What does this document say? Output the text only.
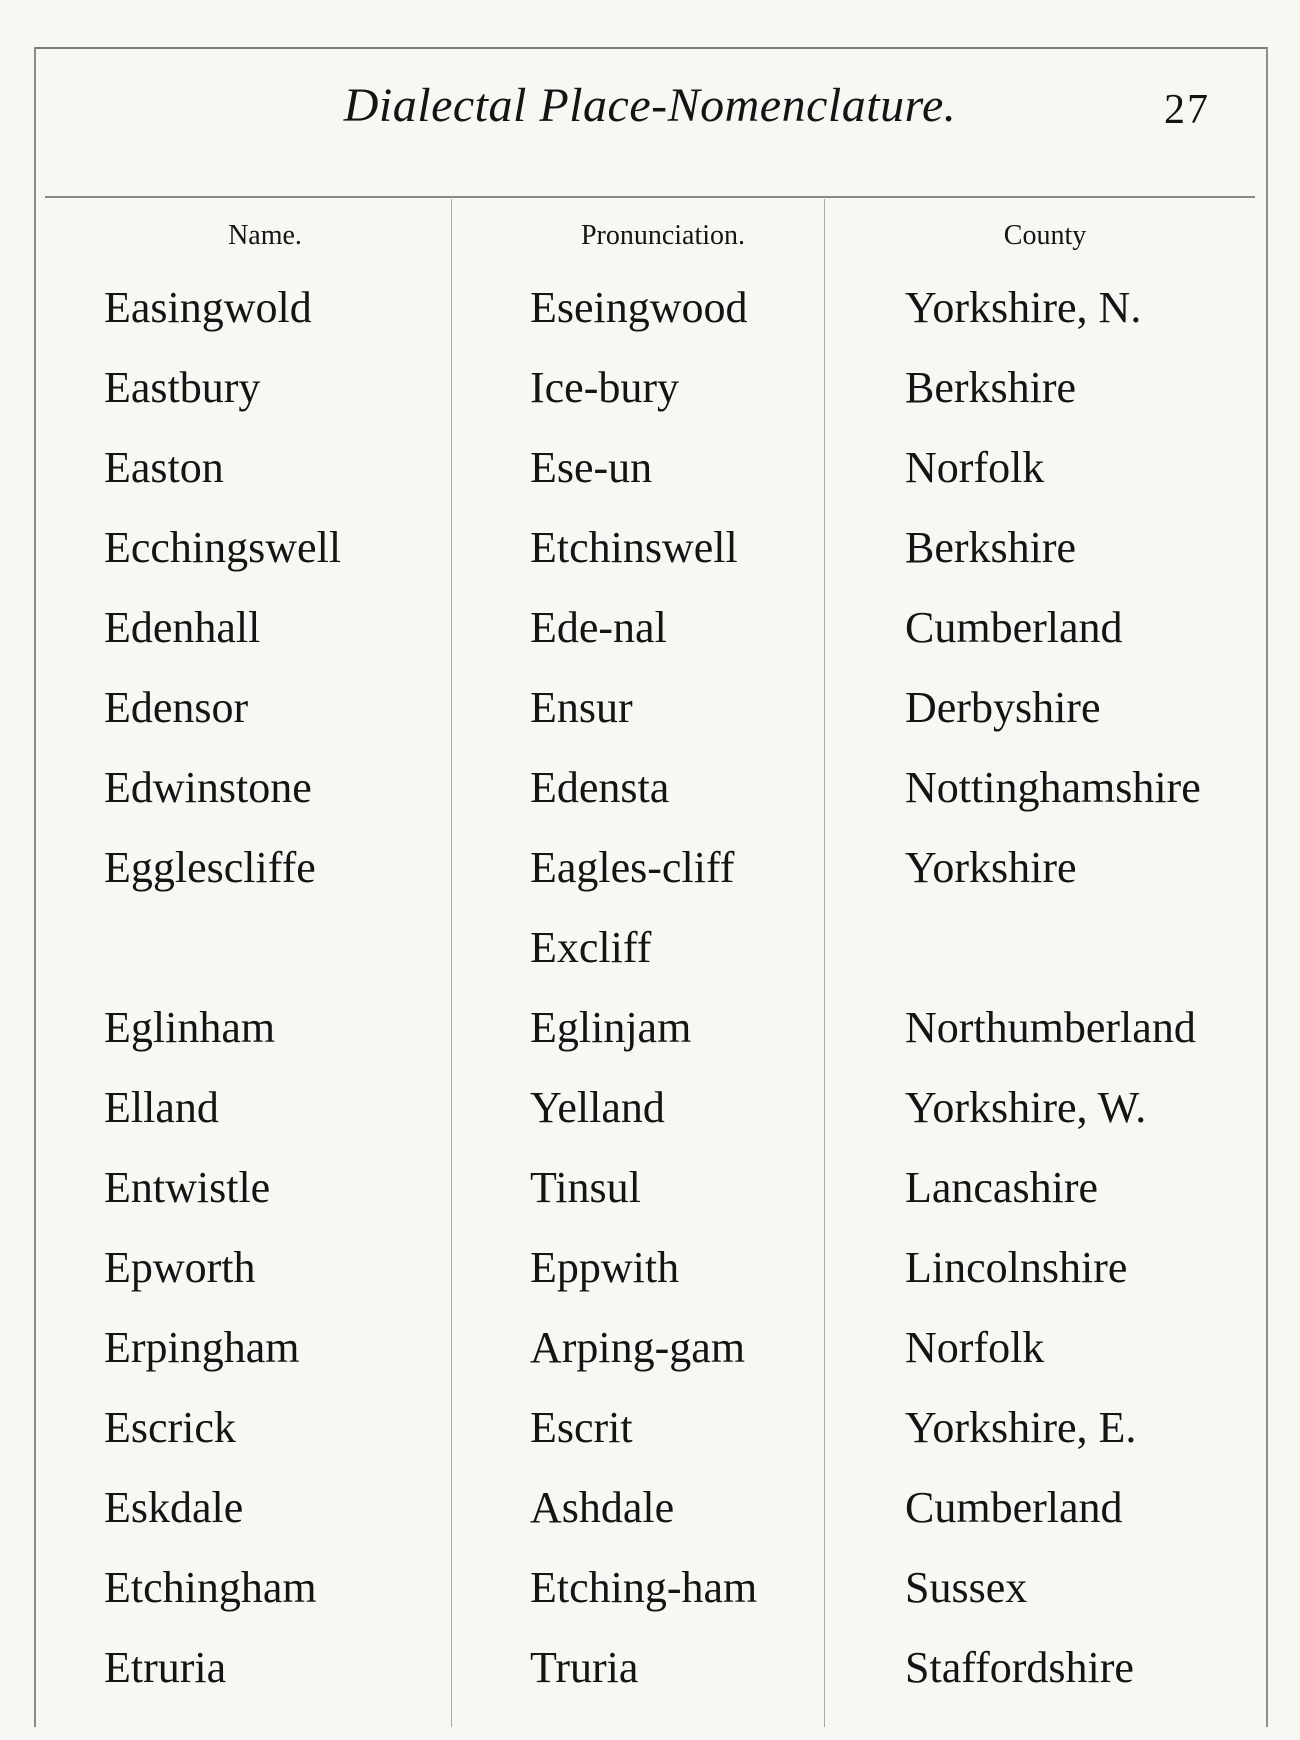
Dialectal Place-Nomenclature.	27
Name.	Pronunciation.	County
Easingwold	Eseingwood	Yorkshire, N.
Eastbury	Ice-bury	Berkshire
Easton	Ese-un	Norfolk
Ecchingswell	Etchinswell	Berkshire
Edenhall	Ede-nal	Cumberland
Edensor	Ensur	Derbyshire
Edwinstone	Edensta	Nottinghamshire
Egglescliffe	Eagles-cliff	Yorkshire
Excliff
Eglinham	Eglinjam	Northumberland
Elland	Yelland	Yorkshire, W.
Entwistle	Tinsul	Lancashire
Epworth	Eppwith	Lincolnshire
Erpingham	Arping-gam	Norfolk
Escrick	Escrit	Yorkshire, E.
Eskdale	Ashdale	Cumberland
Etchingham	Etching-ham	Sussex
Etruria	Truria	Staffordshire
